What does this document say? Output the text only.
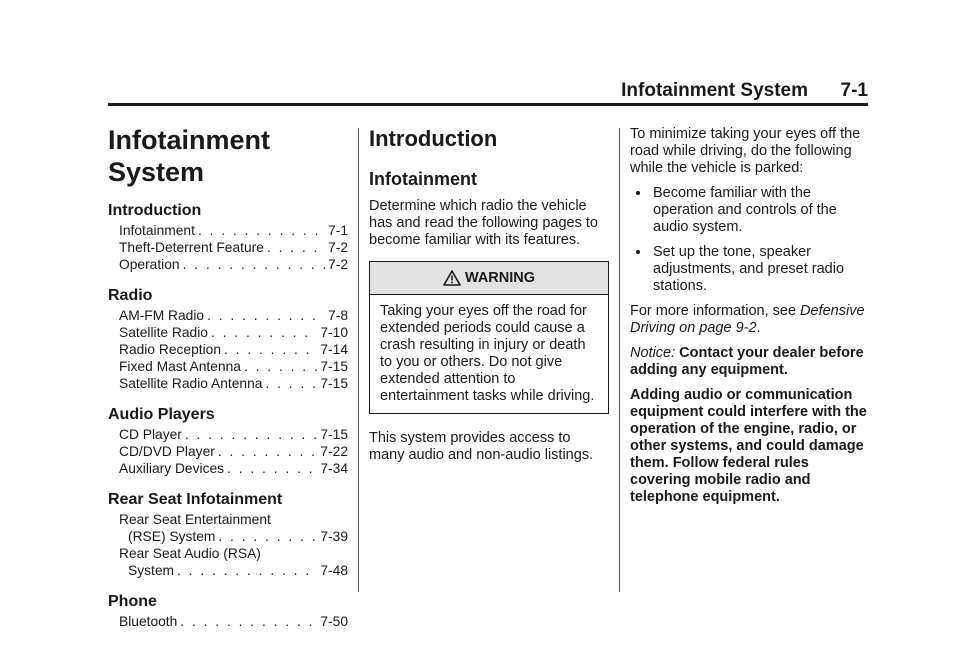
Infotainment System 7-1
Infotainment
System
Introduction
Infotainment . . .	7-1
Theft-Deterrent Feature . . .	7-2
Operation . . .	7-2
Radio
AM-FM Radio . . .	7-8
Satellite Radio . . .	7-10
Radio Reception . . .	7-14
Fixed Mast Antenna . . .	7-15
Satellite Radio Antenna . . .	7-15
Audio Players
CD Player . . .	7-15
CD/DVD Player . . .	7-22
Auxiliary Devices . . .	7-34
Rear Seat Infotainment
Rear Seat Entertainment
(RSE) System . . .	7-39
Rear Seat Audio (RSA)
System . . .	7-48
Phone
Bluetooth . . .	7-50
Introduction
Infotainment

Determine which radio the vehicle has and read the following pages to become familiar with its features.

WARNING
Taking your eyes off the road for extended periods could cause a crash resulting in injury or death to you or others. Do not give extended attention to entertainment tasks while driving.

This system provides access to many audio and non-audio listings.

To minimize taking your eyes off the road while driving, do the following while the vehicle is parked:

Become familiar with the operation and controls of the audio system.
Set up the tone, speaker adjustments, and preset radio stations.

For more information, see Defensive Driving on page 9-2.

Notice: Contact your dealer before adding any equipment.

Adding audio or communication equipment could interfere with the operation of the engine, radio, or other systems, and could damage them. Follow federal rules covering mobile radio and telephone equipment.
